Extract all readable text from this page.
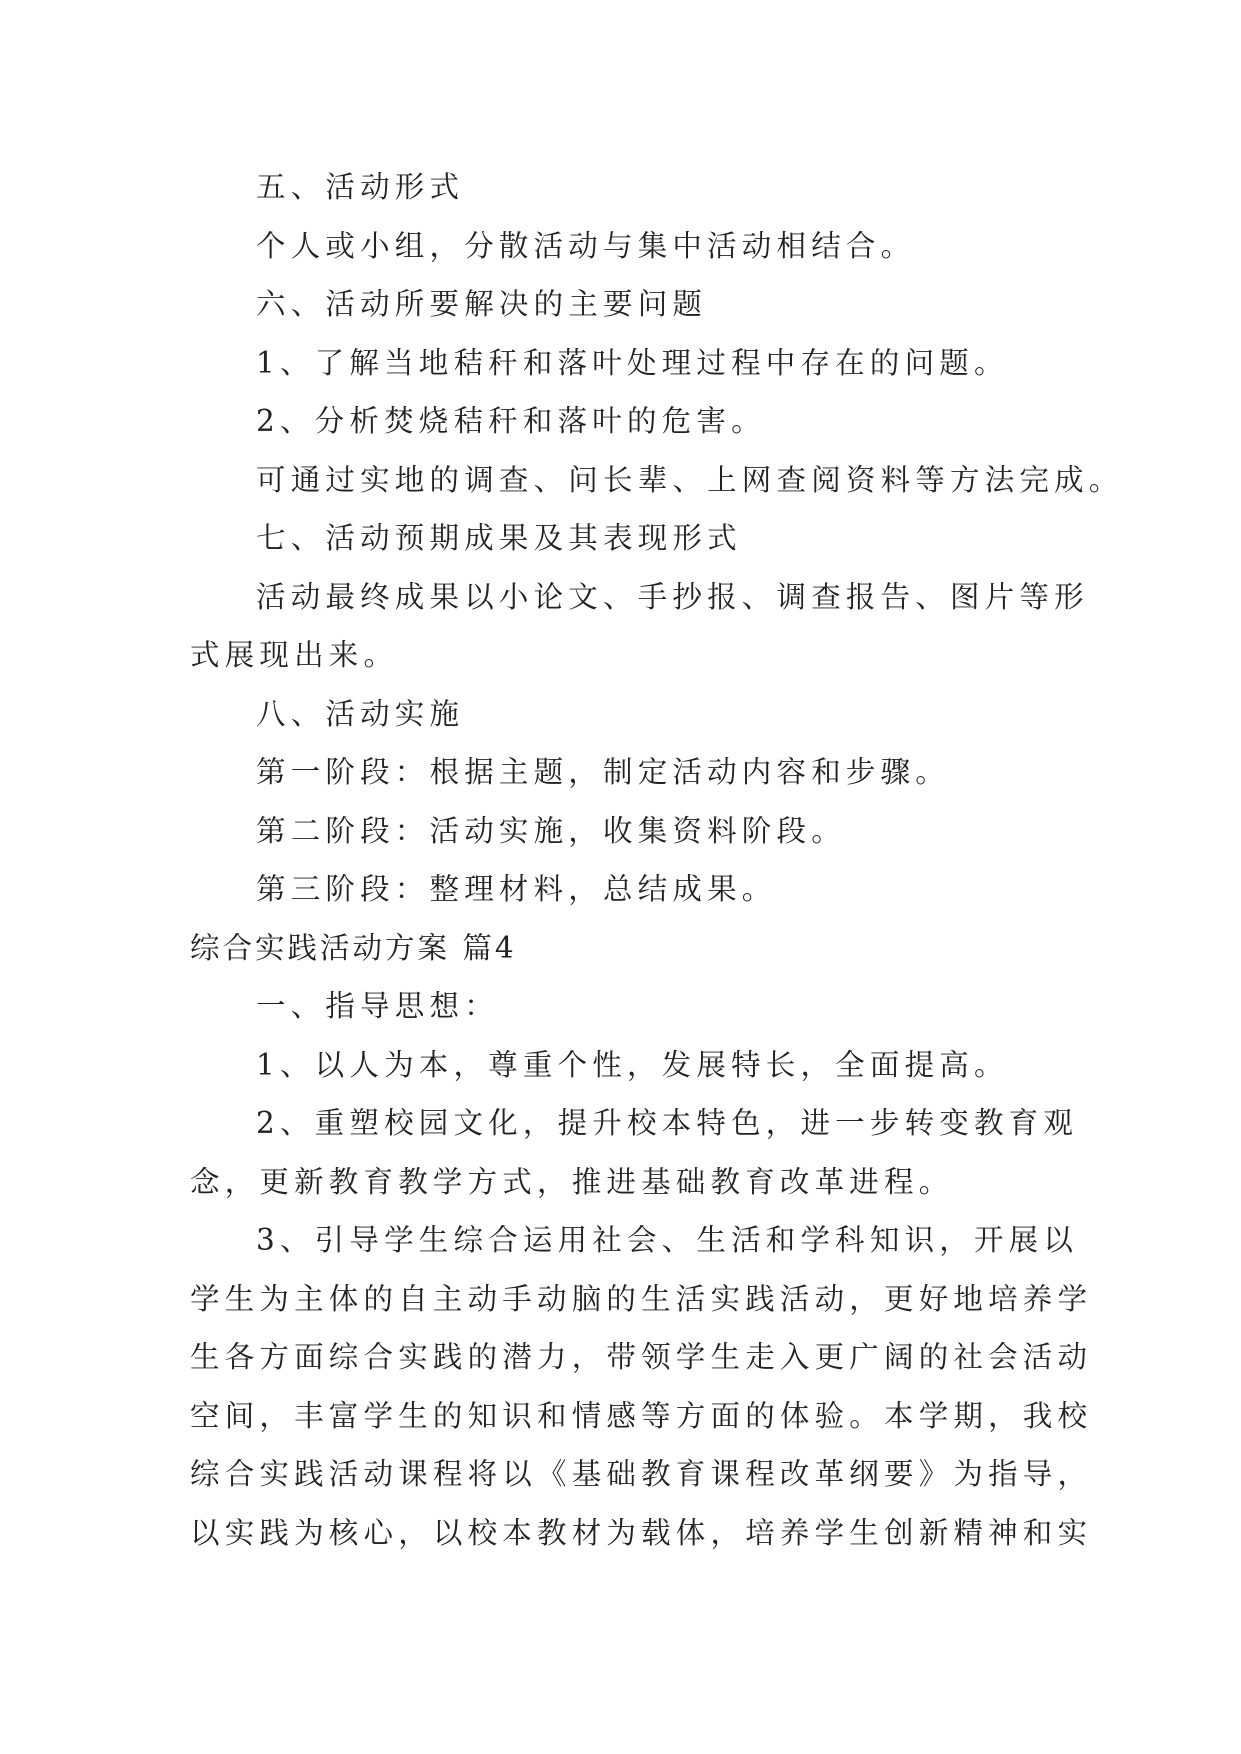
五、活动形式
个人或小组，分散活动与集中活动相结合。
六、活动所要解决的主要问题
1、了解当地秸秆和落叶处理过程中存在的问题。
2、分析焚烧秸秆和落叶的危害。
可通过实地的调查、问长辈、上网查阅资料等方法完成。
七、活动预期成果及其表现形式
活动最终成果以小论文、手抄报、调查报告、图片等形
式展现出来。
八、活动实施
第一阶段：根据主题，制定活动内容和步骤。
第二阶段：活动实施，收集资料阶段。
第三阶段：整理材料，总结成果。
综合实践活动方案 篇4
一、指导思想：
1、以人为本，尊重个性，发展特长，全面提高。
2、重塑校园文化，提升校本特色，进一步转变教育观
念，更新教育教学方式，推进基础教育改革进程。
3、引导学生综合运用社会、生活和学科知识，开展以
学生为主体的自主动手动脑的生活实践活动，更好地培养学
生各方面综合实践的潜力，带领学生走入更广阔的社会活动
空间，丰富学生的知识和情感等方面的体验。本学期，我校
综合实践活动课程将以《基础教育课程改革纲要》为指导，
以实践为核心，以校本教材为载体，培养学生创新精神和实
